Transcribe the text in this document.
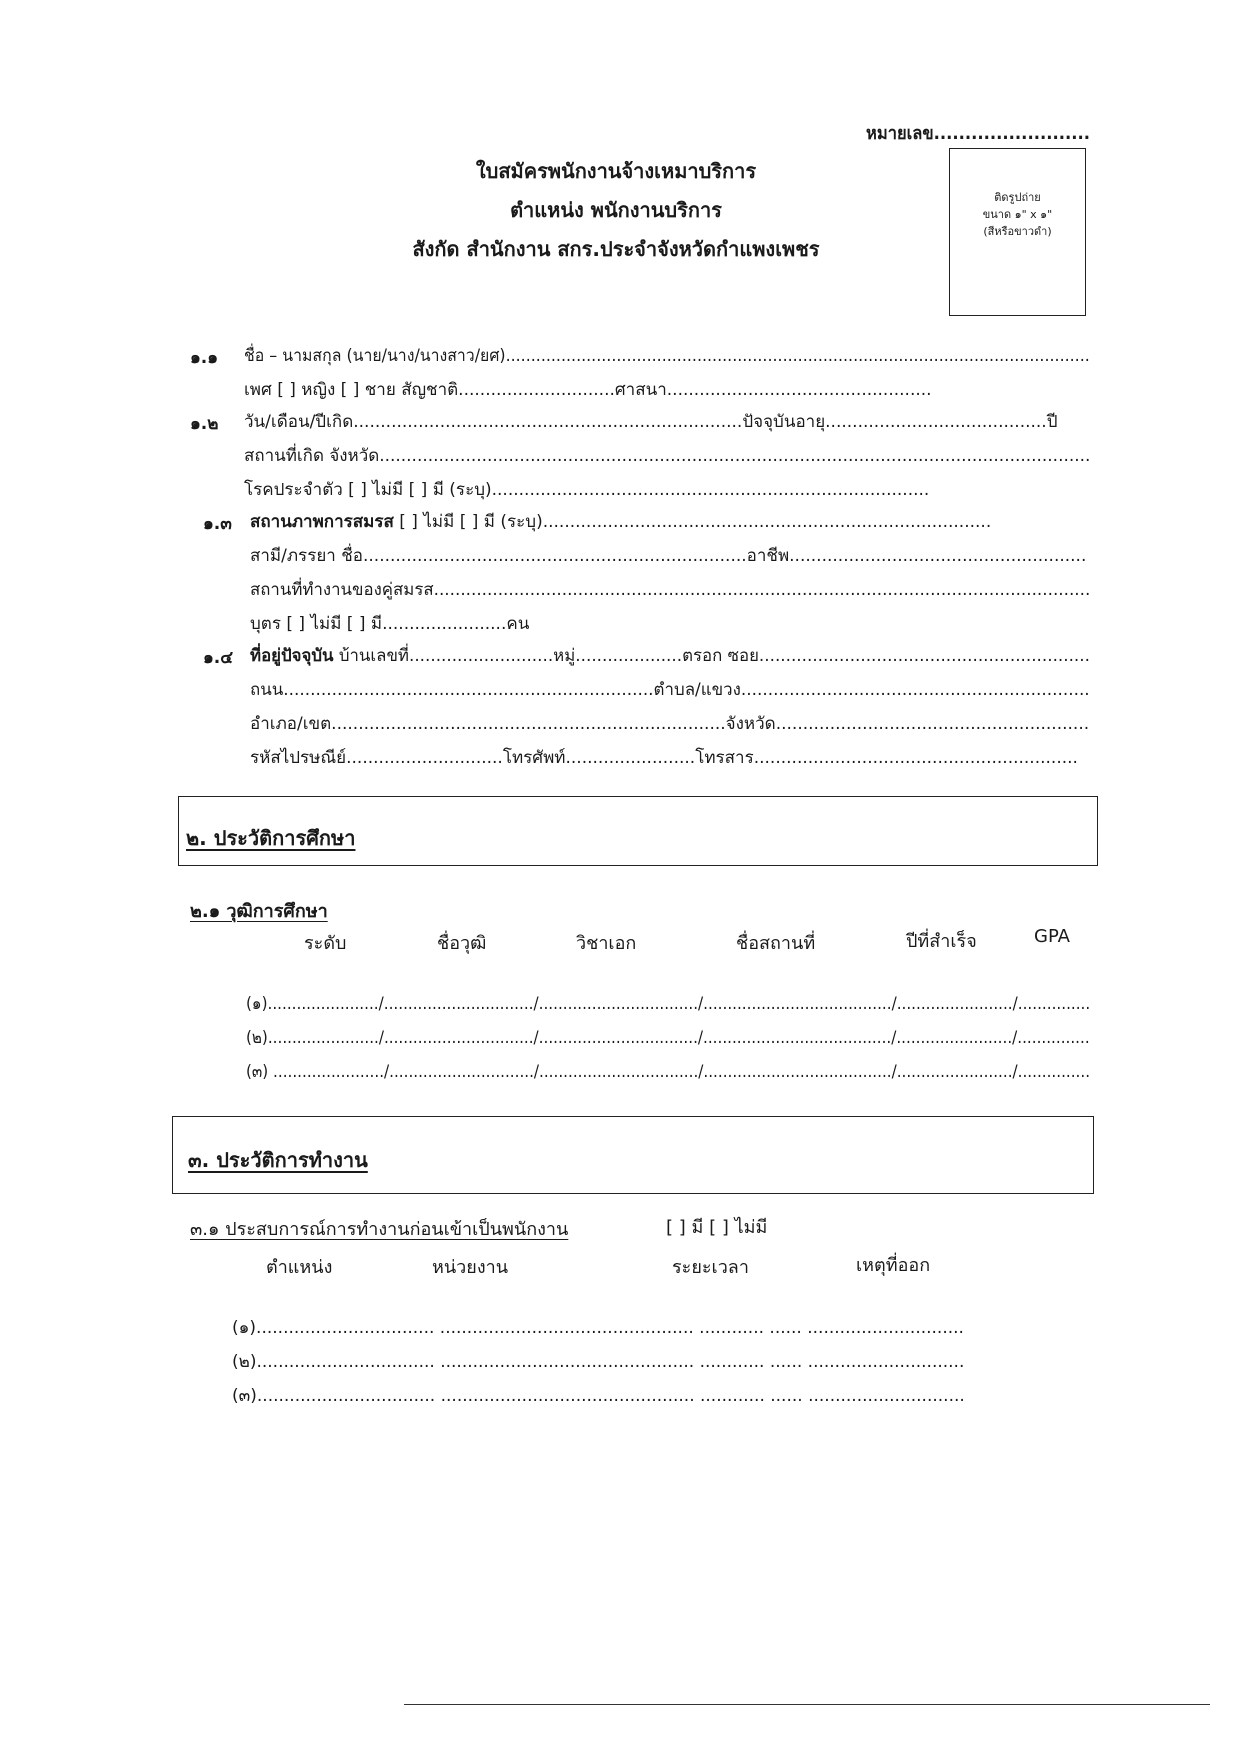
หมายเลข.........................
ใบสมัครพนักงานจ้างเหมาบริการ
ตำแหน่ง พนักงานบริการ
สังกัด สำนักงาน สกร.ประจำจังหวัดกำแพงเพชร
ติดรูปถ่าย
ขนาด ๑" x ๑"
(สีหรือขาวดำ)
๑.๑ ชื่อ – นามสกุล (นาย/นาง/นางสาว/ยศ)....................................................................................................................
เพศ [ ] หญิง [ ] ชาย สัญชาติ.............................ศาสนา.................................................
๑.๒ วัน/เดือน/ปีเกิด........................................................................ปัจจุบันอายุ.........................................ปี
สถานที่เกิด จังหวัด....................................................................................................................................
โรคประจำตัว [ ] ไม่มี [ ] มี (ระบุ).................................................................................
๑.๓ สถานภาพการสมรส [ ] ไม่มี [ ] มี (ระบุ)...................................................................................
สามี/ภรรยา ชื่อ.......................................................................อาชีพ.......................................................
สถานที่ทำงานของคู่สมรส...........................................................................................................................
บุตร [ ] ไม่มี [ ] มี.......................คน
๑.๔ ที่อยู่ปัจจุบัน บ้านเลขที่...........................หมู่....................ตรอก ซอย..............................................................
ถนน.....................................................................ตำบล/แขวง.................................................................
อำเภอ/เขต.........................................................................จังหวัด..........................................................
รหัสไปรษณีย์.............................โทรศัพท์........................โทรสาร............................................................
๒. ประวัติการศึกษา
๒.๑ วุฒิการศึกษา
ระดับ	ชื่อวุฒิ	วิชาเอก	ชื่อสถานที่	ปีที่สำเร็จ	GPA
(๑)......................./.............................../................................./......................................./......................../...............
(๒)......................./.............................../................................./......................................./......................../...............
(๓) ......................./............................../................................./......................................./......................../...............
๓. ประวัติการทำงาน
๓.๑ ประสบการณ์การทำงานก่อนเข้าเป็นพนักงาน	[ ] มี [ ] ไม่มี
ตำแหน่ง	หน่วยงาน	ระยะเวลา	เหตุที่ออก
(๑)................................. ............................................... ............ ...... .............................
(๒)................................. ............................................... ............ ...... .............................
(๓)................................. ............................................... ............ ...... .............................
